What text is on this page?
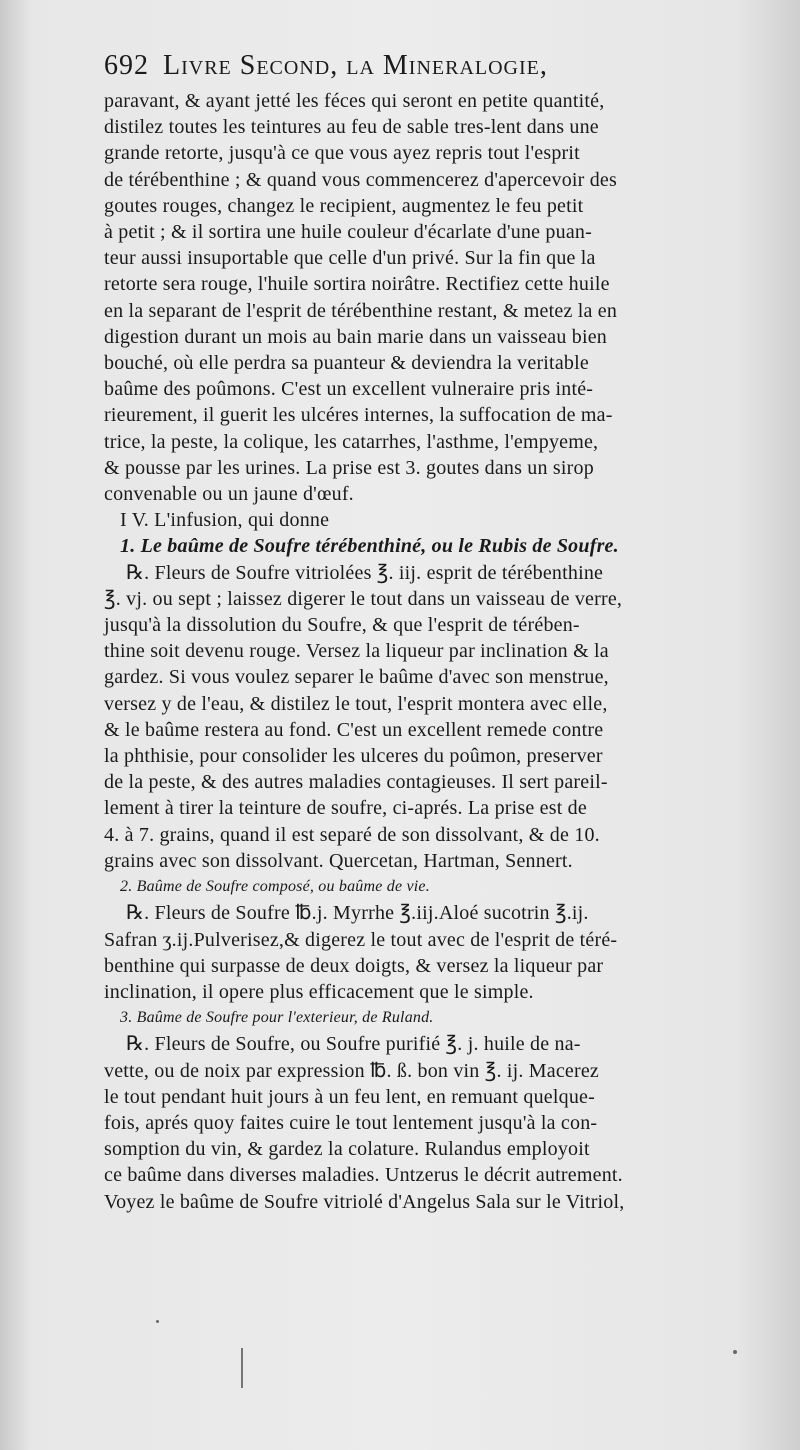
692 Livre Second, la Mineralogie,
paravant, & ayant jetté les féces qui seront en petite quantité,
distilez toutes les teintures au feu de sable tres-lent dans une
grande retorte, jusqu'à ce que vous ayez repris tout l'esprit
de térébenthine ; & quand vous commencerez d'apercevoir des
goutes rouges, changez le recipient, augmentez le feu petit
à petit ; & il sortira une huile couleur d'écarlate d'une puan-
teur aussi insuportable que celle d'un privé. Sur la fin que la
retorte sera rouge, l'huile sortira noirâtre. Rectifiez cette huile
en la separant de l'esprit de térébenthine restant, & metez la en
digestion durant un mois au bain marie dans un vaisseau bien
bouché, où elle perdra sa puanteur & deviendra la veritable
baûme des poûmons. C'est un excellent vulneraire pris inté-
rieurement, il guerit les ulcéres internes, la suffocation de ma-
trice, la peste, la colique, les catarrhes, l'asthme, l'empyeme,
& pousse par les urines. La prise est 3. goutes dans un sirop
convenable ou un jaune d'œuf.
I V. L'infusion, qui donne
1. Le baûme de Soufre térébenthiné, ou le Rubis de Soufre.
℞. Fleurs de Soufre vitriolées ℥. iij. esprit de térébenthine
℥. vj. ou sept ; laissez digerer le tout dans un vaisseau de verre,
jusqu'à la dissolution du Soufre, & que l'esprit de térében-
thine soit devenu rouge. Versez la liqueur par inclination & la
gardez. Si vous voulez separer le baûme d'avec son menstrue,
versez y de l'eau, & distilez le tout, l'esprit montera avec elle,
& le baûme restera au fond. C'est un excellent remede contre
la phthisie, pour consolider les ulceres du poûmon, preserver
de la peste, & des autres maladies contagieuses. Il sert pareil-
lement à tirer la teinture de soufre, ci-aprés. La prise est de
4. à 7. grains, quand il est separé de son dissolvant, & de 10.
grains avec son dissolvant. Quercetan, Hartman, Sennert.
2. Baûme de Soufre composé, ou baûme de vie.
℞. Fleurs de Soufre ℔.j. Myrrhe ℥.iij.Aloé sucotrin ℥.ij.
Safran ʒ.ij.Pulverisez,& digerez le tout avec de l'esprit de téré-
benthine qui surpasse de deux doigts, & versez la liqueur par
inclination, il opere plus efficacement que le simple.
3. Baûme de Soufre pour l'exterieur, de Ruland.
℞. Fleurs de Soufre, ou Soufre purifié ℥. j. huile de na-
vette, ou de noix par expression ℔. ß. bon vin ℥. ij. Macerez
le tout pendant huit jours à un feu lent, en remuant quelque-
fois, aprés quoy faites cuire le tout lentement jusqu'à la con-
somption du vin, & gardez la colature. Rulandus employoit
ce baûme dans diverses maladies. Untzerus le décrit autrement.
Voyez le baûme de Soufre vitriolé d'Angelus Sala sur le Vitriol,
